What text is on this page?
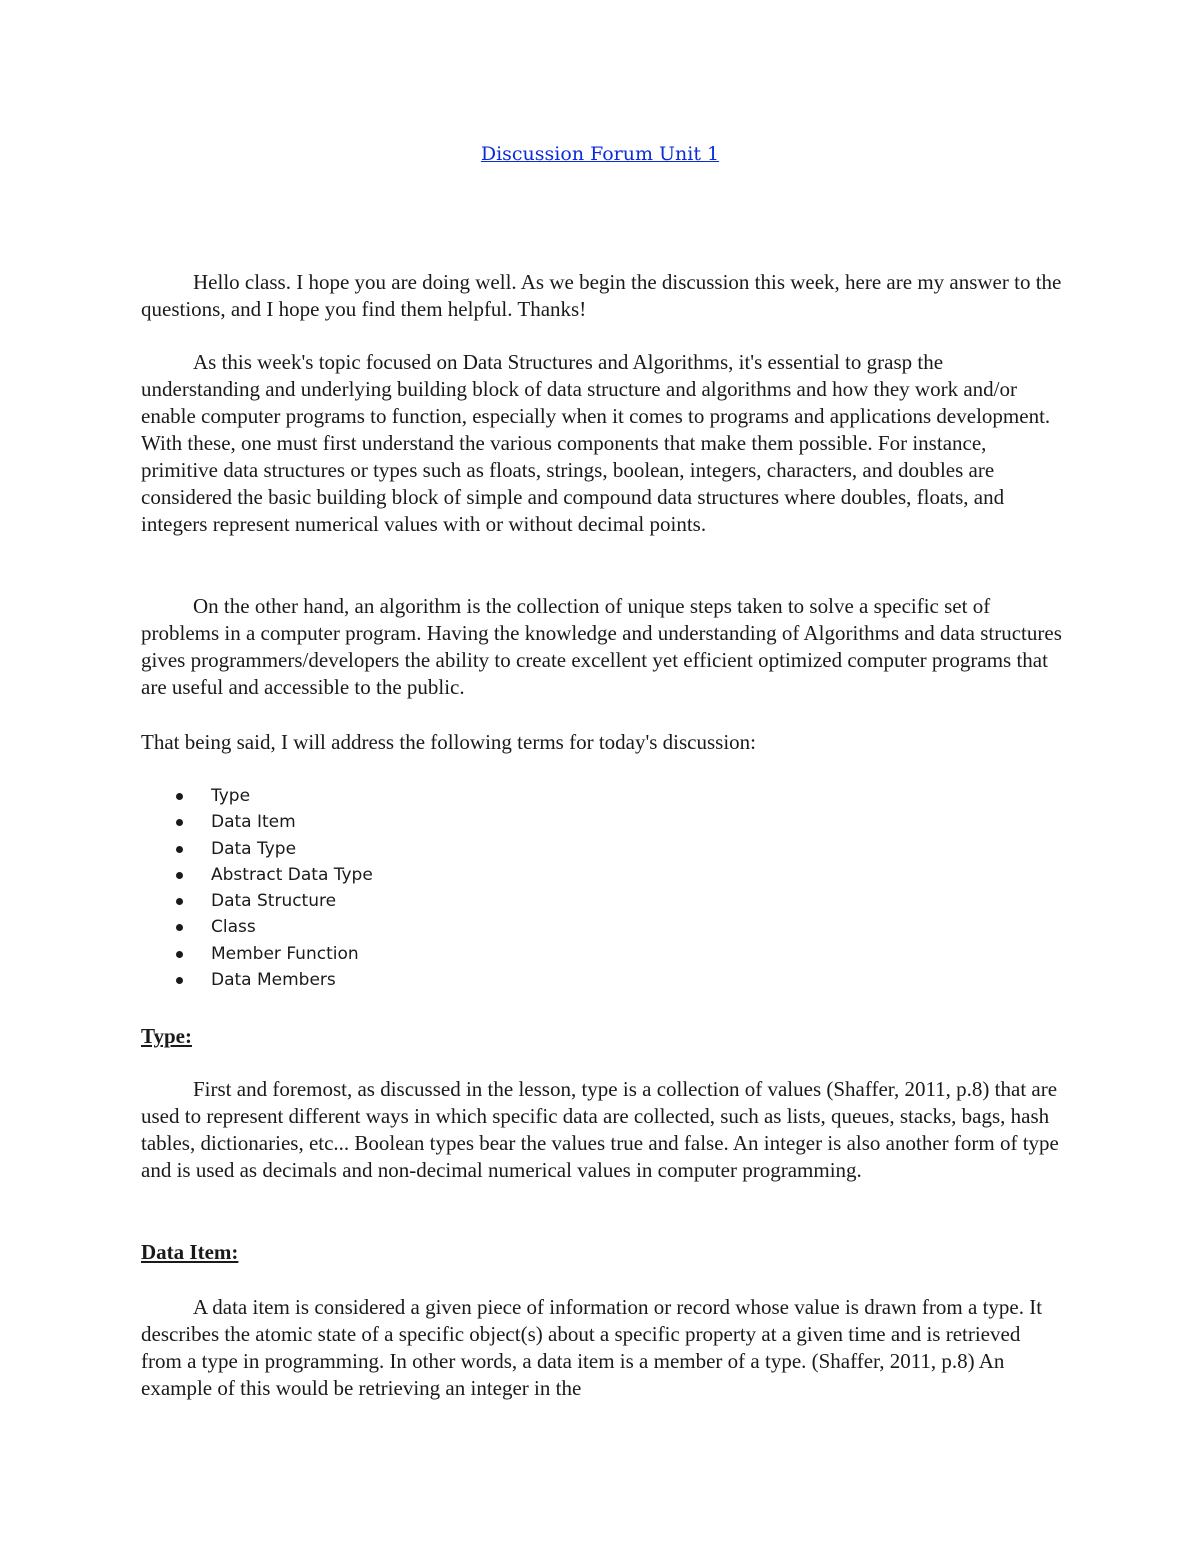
Discussion Forum Unit 1

Hello class. I hope you are doing well. As we begin the discussion this week, here are my answer to the questions, and I hope you find them helpful. Thanks!

As this week's topic focused on Data Structures and Algorithms, it's essential to grasp the understanding and underlying building block of data structure and algorithms and how they work and/or enable computer programs to function, especially when it comes to programs and applications development. With these, one must first understand the various components that make them possible. For instance, primitive data structures or types such as floats, strings, boolean, integers, characters, and doubles are considered the basic building block of simple and compound data structures where doubles, floats, and integers represent numerical values with or without decimal points.

On the other hand, an algorithm is the collection of unique steps taken to solve a specific set of problems in a computer program. Having the knowledge and understanding of Algorithms and data structures gives programmers/developers the ability to create excellent yet efficient optimized computer programs that are useful and accessible to the public.

That being said, I will address the following terms for today's discussion:

Type
Data Item
Data Type
Abstract Data Type
Data Structure
Class
Member Function
Data Members
Type:

First and foremost, as discussed in the lesson, type is a collection of values (Shaffer, 2011, p.8) that are used to represent different ways in which specific data are collected, such as lists, queues, stacks, bags, hash tables, dictionaries, etc... Boolean types bear the values true and false. An integer is also another form of type and is used as decimals and non-decimal numerical values in computer programming.

Data Item:

A data item is considered a given piece of information or record whose value is drawn from a type. It describes the atomic state of a specific object(s) about a specific property at a given time and is retrieved from a type in programming. In other words, a data item is a member of a type. (Shaffer, 2011, p.8) An example of this would be retrieving an integer in the
